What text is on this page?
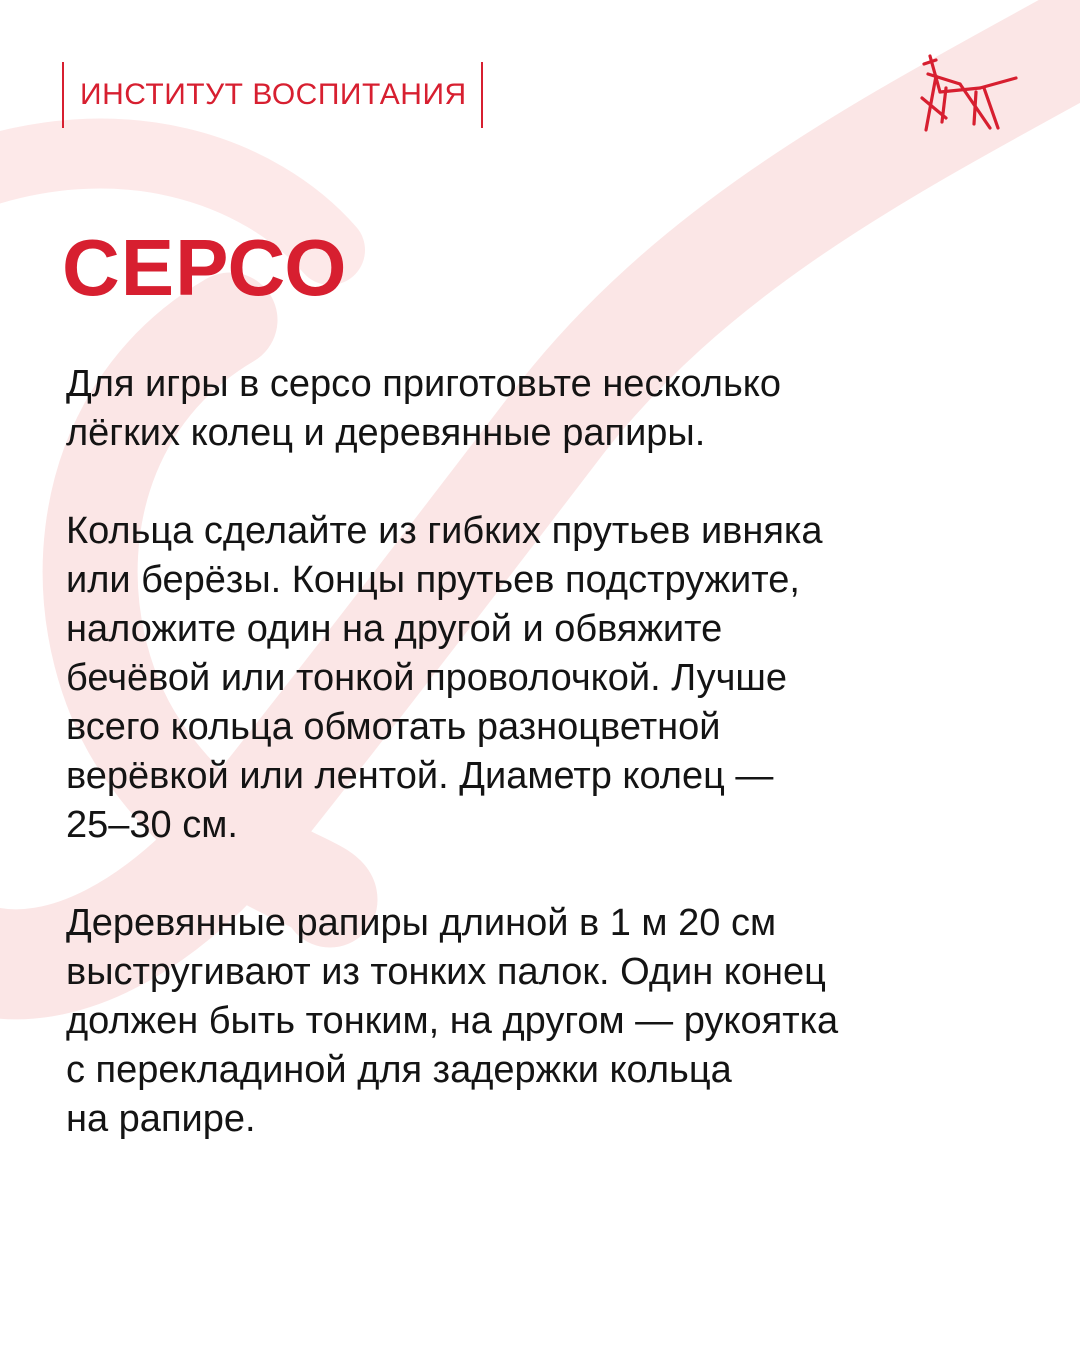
ИНСТИТУТ ВОСПИТАНИЯ
СЕРСО

Для игры в серсо приготовьте несколько
лёгких колец и деревянные рапиры.

Кольца сделайте из гибких прутьев ивняка
или берёзы. Концы прутьев подстружите,
наложите один на другой и обвяжите
бечёвой или тонкой проволочкой. Лучше
всего кольца обмотать разноцветной
верёвкой или лентой. Диаметр колец —
25–30 см.

Деревянные рапиры длиной в 1 м 20 см
выстругивают из тонких палок. Один конец
должен быть тонким, на другом — рукоятка
с перекладиной для задержки кольца
на рапире.
